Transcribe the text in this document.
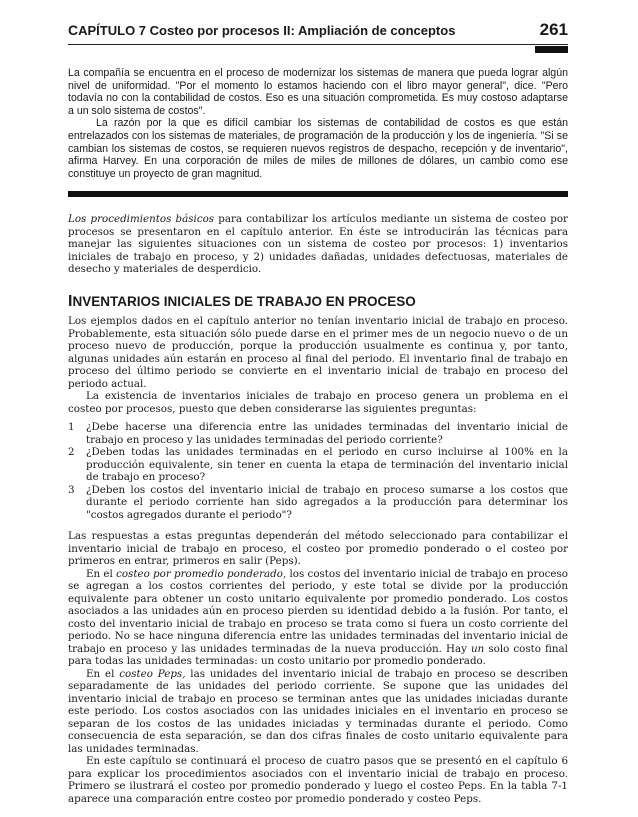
CAPÍTULO 7 Costeo por procesos II: Ampliación de conceptos	261

La compañía se encuentra en el proceso de modernizar los sistemas de manera que pueda lograr algún nivel de uniformidad. "Por el momento lo estamos haciendo con el libro mayor general", dice. "Pero todavía no con la contabilidad de costos. Eso es una situación comprometida. Es muy costoso adaptarse a un solo sistema de costos".

La razón por la que es difícil cambiar los sistemas de contabilidad de costos es que están entrelazados con los sistemas de materiales, de programación de la producción y los de ingeniería. "Si se cambian los sistemas de costos, se requieren nuevos registros de despacho, recepción y de inventario", afirma Harvey. En una corporación de miles de miles de millones de dólares, un cambio como ese constituye un proyecto de gran magnitud.

Los procedimientos básicos para contabilizar los artículos mediante un sistema de costeo por procesos se presentaron en el capítulo anterior. En éste se introducirán las técnicas para manejar las siguientes situaciones con un sistema de costeo por procesos: 1) inventarios iniciales de trabajo en proceso, y 2) unidades dañadas, unidades defectuosas, materiales de desecho y materiales de desperdicio.

INVENTARIOS INICIALES DE TRABAJO EN PROCESO

Los ejemplos dados en el capítulo anterior no tenían inventario inicial de trabajo en proceso. Probablemente, esta situación sólo puede darse en el primer mes de un negocio nuevo o de un proceso nuevo de producción, porque la producción usualmente es continua y, por tanto, algunas unidades aún estarán en proceso al final del periodo. El inventario final de trabajo en proceso del último periodo se convierte en el inventario inicial de trabajo en proceso del periodo actual.

La existencia de inventarios iniciales de trabajo en proceso genera un problema en el costeo por procesos, puesto que deben considerarse las siguientes preguntas:

1	¿Debe hacerse una diferencia entre las unidades terminadas del inventario inicial de trabajo en proceso y las unidades terminadas del periodo corriente?
2	¿Deben todas las unidades terminadas en el periodo en curso incluirse al 100% en la producción equivalente, sin tener en cuenta la etapa de terminación del inventario inicial de trabajo en proceso?
3	¿Deben los costos del inventario inicial de trabajo en proceso sumarse a los costos que durante el periodo corriente han sido agregados a la producción para determinar los "costos agregados durante el periodo"?

Las respuestas a estas preguntas dependerán del método seleccionado para contabilizar el inventario inicial de trabajo en proceso, el costeo por promedio ponderado o el costeo por primeros en entrar, primeros en salir (Peps).

En el costeo por promedio ponderado, los costos del inventario inicial de trabajo en proceso se agregan a los costos corrientes del periodo, y este total se divide por la producción equivalente para obtener un costo unitario equivalente por promedio ponderado. Los costos asociados a las unidades aún en proceso pierden su identidad debido a la fusión. Por tanto, el costo del inventario inicial de trabajo en proceso se trata como si fuera un costo corriente del periodo. No se hace ninguna diferencia entre las unidades terminadas del inventario inicial de trabajo en proceso y las unidades terminadas de la nueva producción. Hay un solo costo final para todas las unidades terminadas: un costo unitario por promedio ponderado.

En el costeo Peps, las unidades del inventario inicial de trabajo en proceso se describen separadamente de las unidades del periodo corriente. Se supone que las unidades del inventario inicial de trabajo en proceso se terminan antes que las unidades iniciadas durante este periodo. Los costos asociados con las unidades iniciales en el inventario en proceso se separan de los costos de las unidades iniciadas y terminadas durante el periodo. Como consecuencia de esta separación, se dan dos cifras finales de costo unitario equivalente para las unidades terminadas.

En este capítulo se continuará el proceso de cuatro pasos que se presentó en el capítulo 6 para explicar los procedimientos asociados con el inventario inicial de trabajo en proceso. Primero se ilustrará el costeo por promedio ponderado y luego el costeo Peps. En la tabla 7-1 aparece una comparación entre costeo por promedio ponderado y costeo Peps.
